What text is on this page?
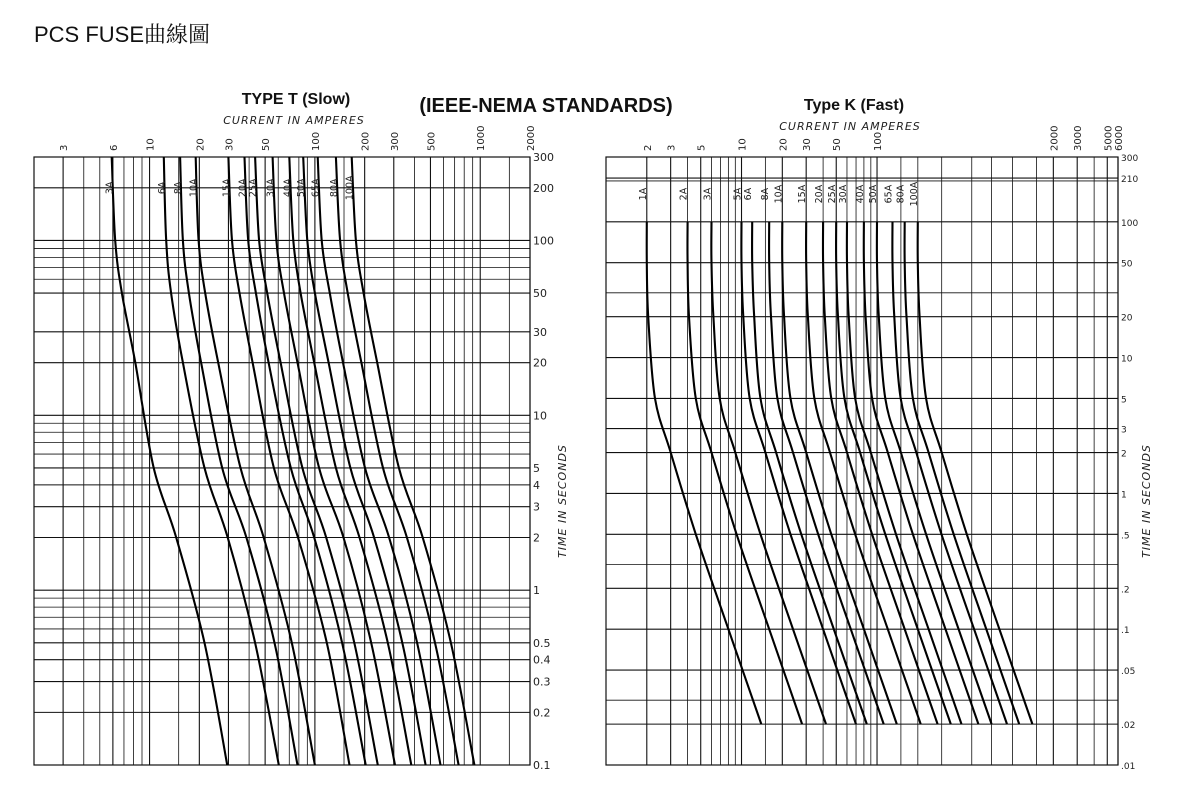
PCS FUSE曲線圖
(IEEE-NEMA STANDARDS)
3	6	10	20 30	50	100	200 300	500	1000	2000
300
200
100
50
30
20
10
5
4
3
2
1
0.5
0.4
0.3
0.2
0.1
TYPE T (Slow)
CURRENT IN AMPERES
TIME IN SECONDS
3A	6A 8A 10A 15A 20A 25A 30A 40A 50A 65A 80A 100A
2 3 5	10	20 30 50	100	2000 3000 5000 6000
300
210
100
50
20
10
5
3
2
1
.5
.2
.1
.05
.02
.01
Type K (Fast)
CURRENT IN AMPERES
TIME IN SECONDS
1A	2A 3A 5A 6A 8A 10A 15A 20A 25A 30A 40A 50A 65A 80A 100A
